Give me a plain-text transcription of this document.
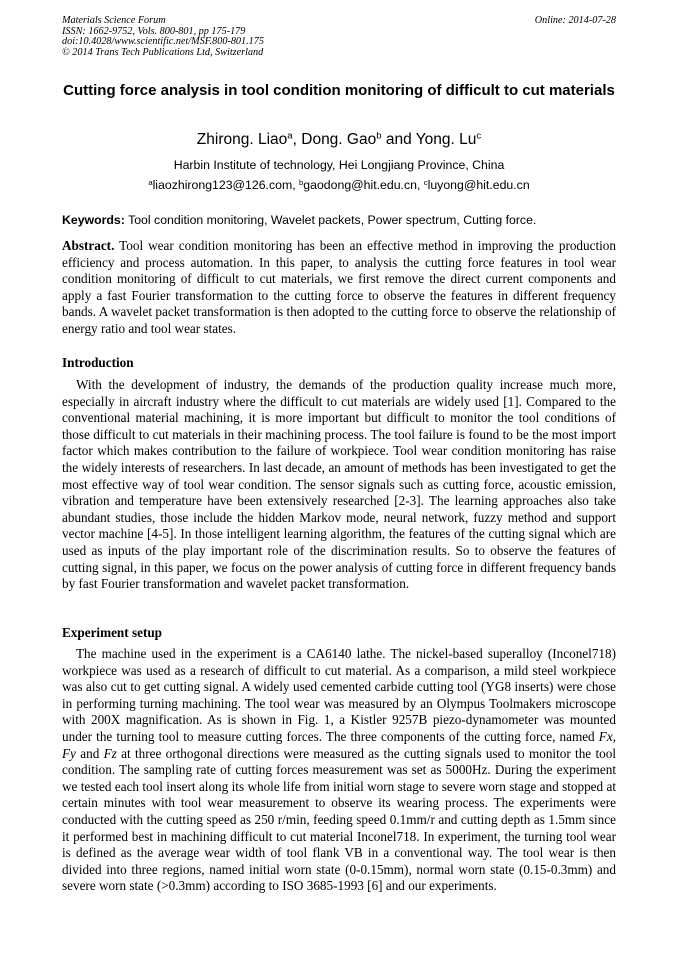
Materials Science Forum
ISSN: 1662-9752, Vols. 800-801, pp 175-179
doi:10.4028/www.scientific.net/MSF.800-801.175
© 2014 Trans Tech Publications Ltd, Switzerland
Online: 2014-07-28
Cutting force analysis in tool condition monitoring of difficult to cut materials
Zhirong. Liao$^a$, Dong. Gao$^b$ and Yong. Lu$^c$
Harbin Institute of technology, Hei Longjiang Province, China
$^a$liaozhirong123@126.com, $^b$gaodong@hit.edu.cn, $^c$luyong@hit.edu.cn
Keywords: Tool condition monitoring, Wavelet packets, Power spectrum, Cutting force.
Abstract. Tool wear condition monitoring has been an effective method in improving the production efficiency and process automation. In this paper, to analysis the cutting force features in tool wear condition monitoring of difficult to cut materials, we first remove the direct current components and apply a fast Fourier transformation to the cutting force to observe the features in different frequency bands. A wavelet packet transformation is then adopted to the cutting force to observe the relationship of energy ratio and tool wear states.
Introduction
With the development of industry, the demands of the production quality increase much more, especially in aircraft industry where the difficult to cut materials are widely used [1]. Compared to the conventional material machining, it is more important but difficult to monitor the tool conditions of those difficult to cut materials in their machining process. The tool failure is found to be the most import factor which makes contribution to the failure of workpiece. Tool wear condition monitoring has raise the widely interests of researchers. In last decade, an amount of methods has been investigated to get the most effective way of tool wear condition. The sensor signals such as cutting force, acoustic emission, vibration and temperature have been extensively researched [2-3]. The learning approaches also take abundant studies, those include the hidden Markov mode, neural network, fuzzy method and support vector machine [4-5]. In those intelligent learning algorithm, the features of the cutting signal which are used as inputs of the play important role of the discrimination results. So to observe the features of cutting signal, in this paper, we focus on the power analysis of cutting force in different frequency bands by fast Fourier transformation and wavelet packet transformation.
Experiment setup
The machine used in the experiment is a CA6140 lathe. The nickel-based superalloy (Inconel718) workpiece was used as a research of difficult to cut material. As a comparison, a mild steel workpiece was also cut to get cutting signal. A widely used cemented carbide cutting tool (YG8 inserts) were chose in performing turning machining. The tool wear was measured by an Olympus Toolmakers microscope with 200X magnification. As is shown in Fig. 1, a Kistler 9257B piezo-dynamometer was mounted under the turning tool to measure cutting forces. The three components of the cutting force, named Fx, Fy and Fz at three orthogonal directions were measured as the cutting signals used to monitor the tool condition. The sampling rate of cutting forces measurement was set as 5000Hz. During the experiment we tested each tool insert along its whole life from initial worn stage to severe worn stage and stopped at certain minutes with tool wear measurement to observe its wearing process. The experiments were conducted with the cutting speed as 250 r/min, feeding speed 0.1mm/r and cutting depth as 1.5mm since it performed best in machining difficult to cut material Inconel718. In experiment, the turning tool wear is defined as the average wear width of tool flank VB in a conventional way. The tool wear is then divided into three regions, named initial worn state (0-0.15mm), normal worn state (0.15-0.3mm) and severe worn state (>0.3mm) according to ISO 3685-1993 [6] and our experiments.
